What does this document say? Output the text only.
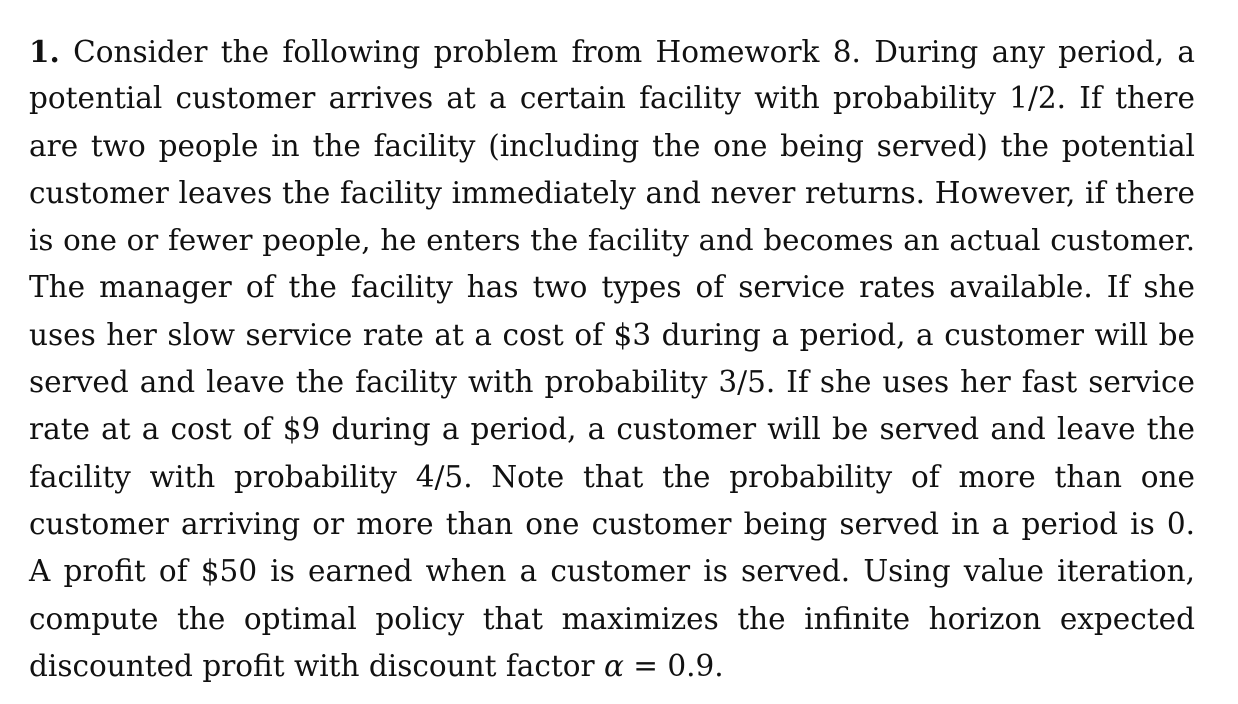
1. Consider the following problem from Homework 8. During any period, a
potential customer arrives at a certain facility with probability 1/2. If there
are two people in the facility (including the one being served) the potential
customer leaves the facility immediately and never returns. However, if there
is one or fewer people, he enters the facility and becomes an actual customer.
The manager of the facility has two types of service rates available. If she
uses her slow service rate at a cost of $3 during a period, a customer will be
served and leave the facility with probability 3/5. If she uses her fast service
rate at a cost of $9 during a period, a customer will be served and leave the
facility with probability 4/5. Note that the probability of more than one
customer arriving or more than one customer being served in a period is 0.
A profit of $50 is earned when a customer is served. Using value iteration,
compute the optimal policy that maximizes the infinite horizon expected
discounted profit with discount factor α = 0.9.
